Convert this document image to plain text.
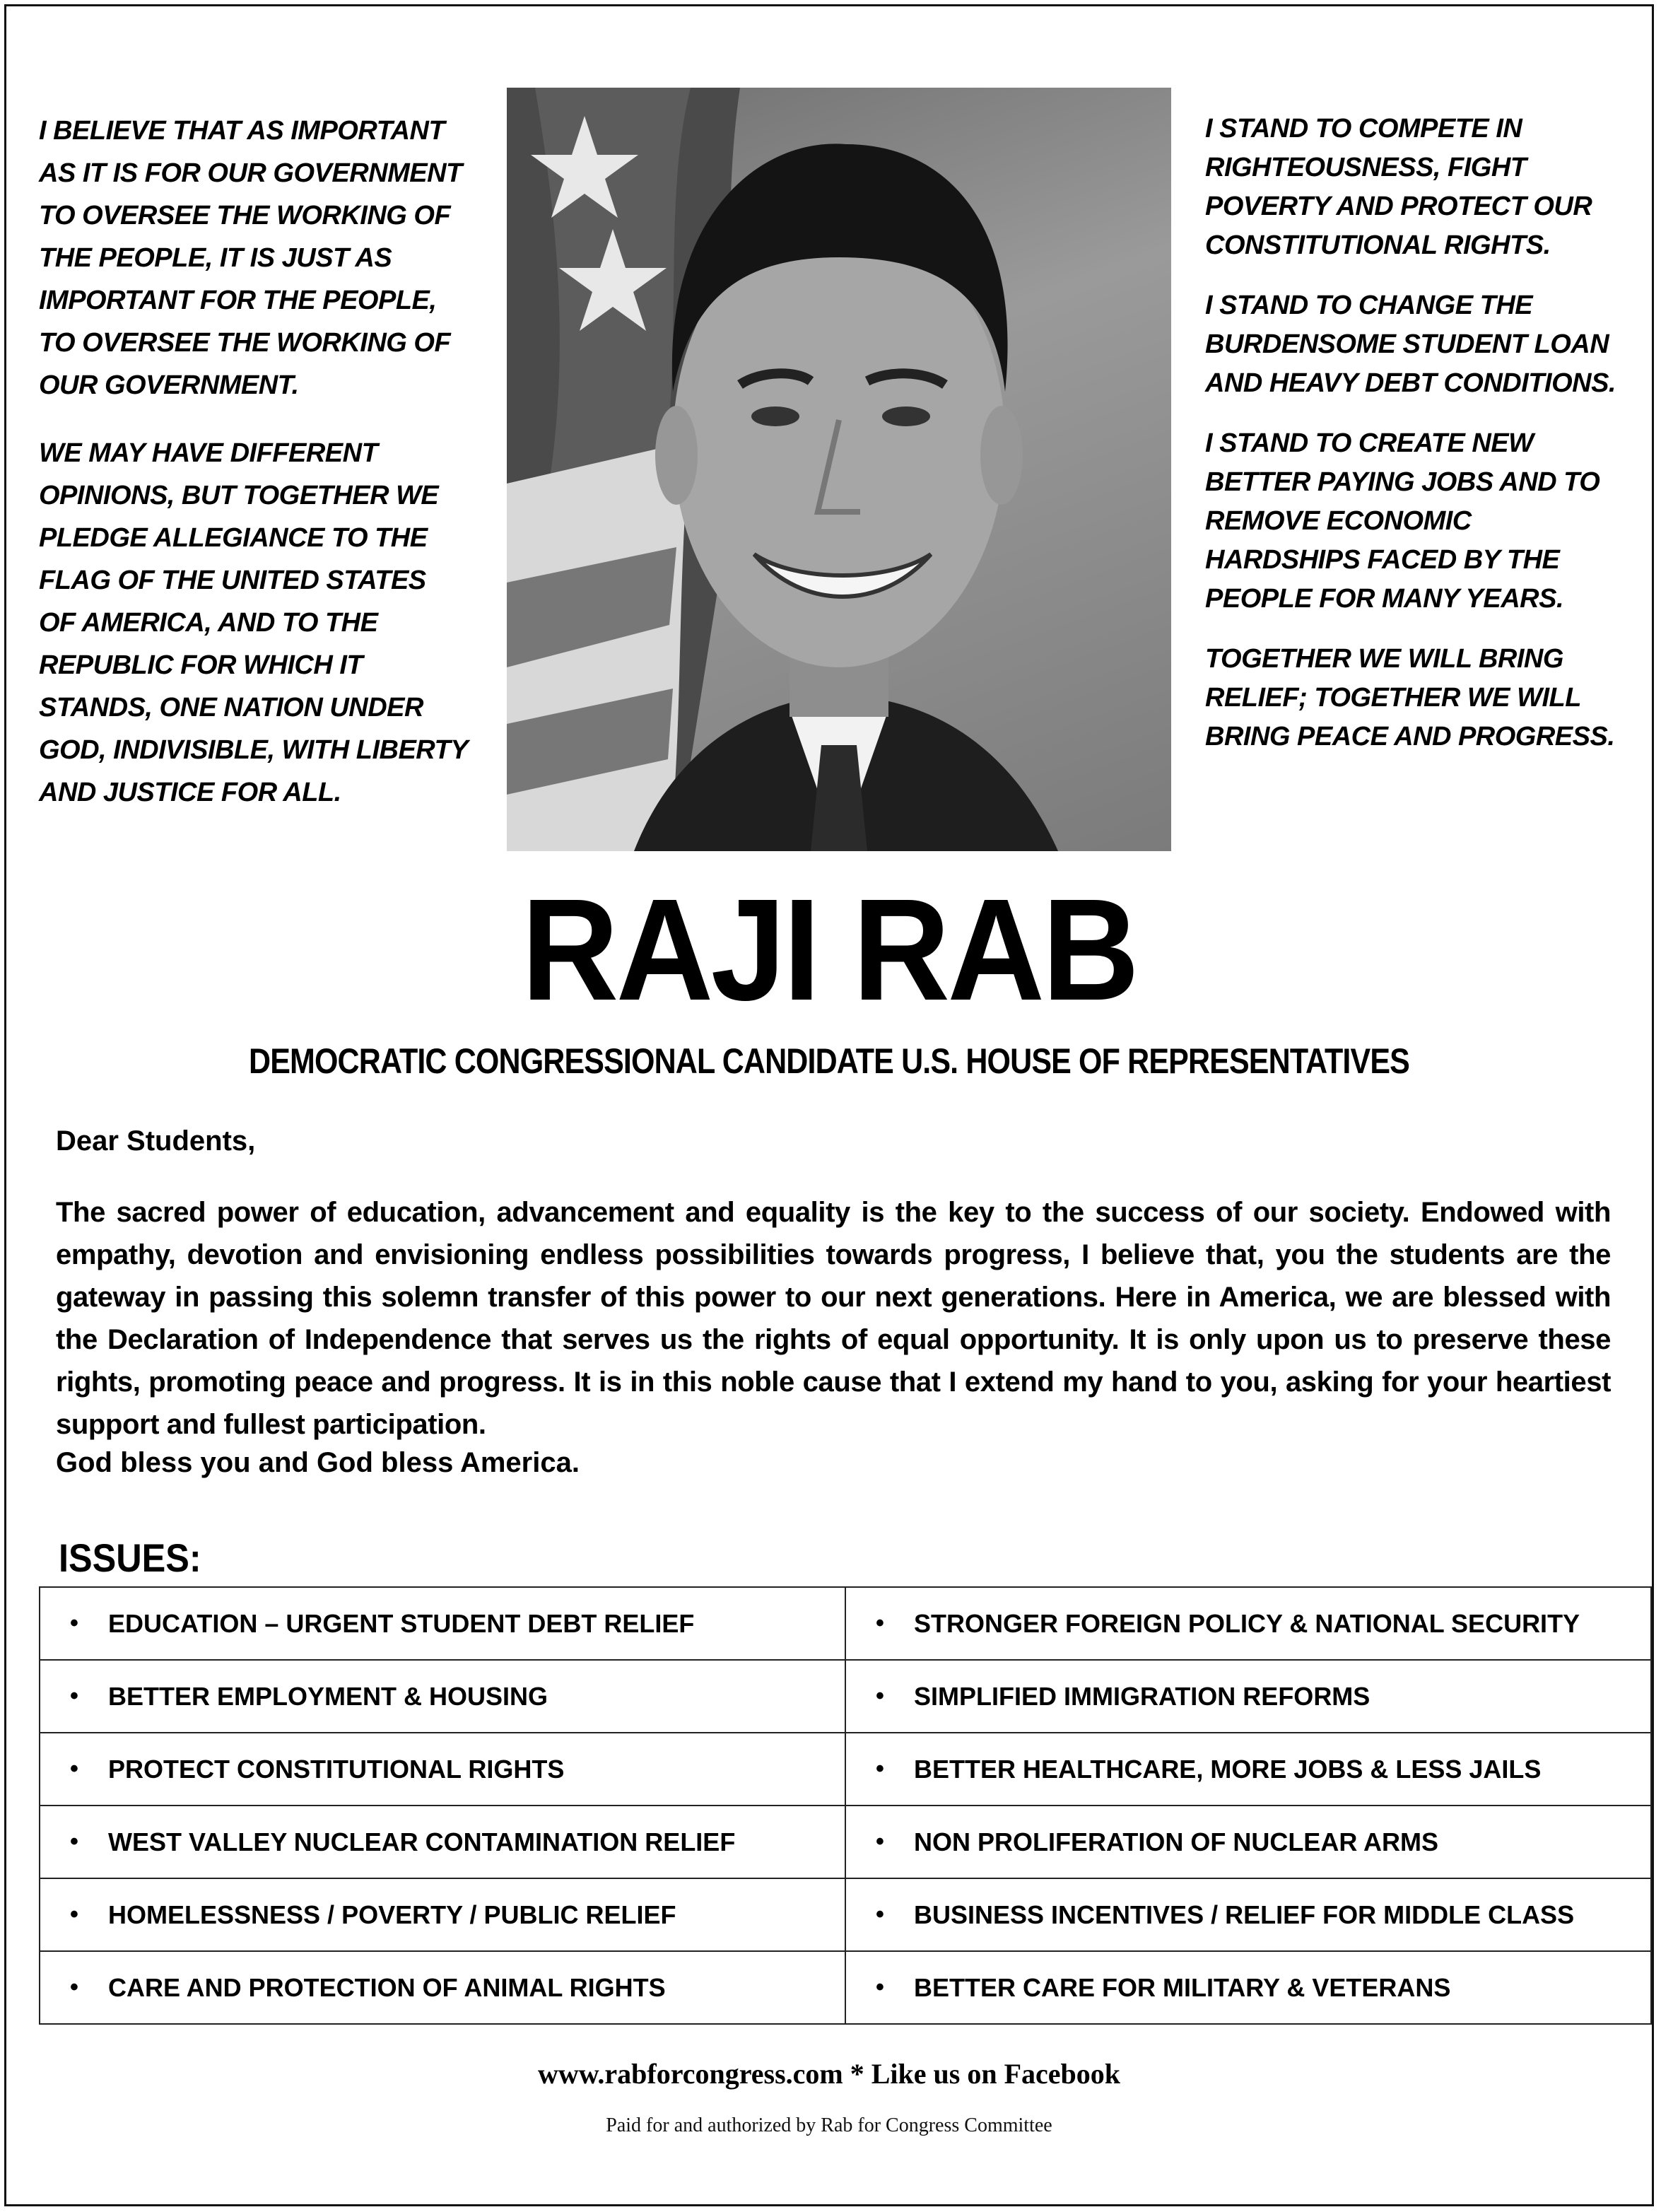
I BELIEVE THAT AS IMPORTANT
AS IT IS FOR OUR GOVERNMENT
TO OVERSEE THE WORKING OF
THE PEOPLE, IT IS JUST AS
IMPORTANT FOR THE PEOPLE,
TO OVERSEE THE WORKING OF
OUR GOVERNMENT.

WE MAY HAVE DIFFERENT
OPINIONS, BUT TOGETHER WE
PLEDGE ALLEGIANCE TO THE
FLAG OF THE UNITED STATES
OF AMERICA, AND TO THE
REPUBLIC FOR WHICH IT
STANDS, ONE NATION UNDER
GOD, INDIVISIBLE, WITH LIBERTY
AND JUSTICE FOR ALL.

I STAND TO COMPETE IN
RIGHTEOUSNESS, FIGHT
POVERTY AND PROTECT OUR
CONSTITUTIONAL RIGHTS.

I STAND TO CHANGE THE
BURDENSOME STUDENT LOAN
AND HEAVY DEBT CONDITIONS.

I STAND TO CREATE NEW
BETTER PAYING JOBS AND TO
REMOVE ECONOMIC
HARDSHIPS FACED BY THE
PEOPLE FOR MANY YEARS.

TOGETHER WE WILL BRING
RELIEF; TOGETHER WE WILL
BRING PEACE AND PROGRESS.

RAJI RAB
DEMOCRATIC CONGRESSIONAL CANDIDATE U.S. HOUSE OF REPRESENTATIVES
Dear Students,
The sacred power of education, advancement and equality is the key to the success of our society. Endowed with empathy, devotion and envisioning endless possibilities towards progress, I believe that, you the students are the gateway in passing this solemn transfer of this power to our next generations. Here in America, we are blessed with the Declaration of Independence that serves us the rights of equal opportunity. It is only upon us to preserve these rights, promoting peace and progress. It is in this noble cause that I extend my hand to you, asking for your heartiest support and fullest participation.
God bless you and God bless America.
ISSUES:
• EDUCATION – URGENT STUDENT DEBT RELIEF	• STRONGER FOREIGN POLICY & NATIONAL SECURITY

• BETTER EMPLOYMENT & HOUSING	• SIMPLIFIED IMMIGRATION REFORMS

• PROTECT CONSTITUTIONAL RIGHTS	• BETTER HEALTHCARE, MORE JOBS & LESS JAILS

• WEST VALLEY NUCLEAR CONTAMINATION RELIEF	• NON PROLIFERATION OF NUCLEAR ARMS

• HOMELESSNESS / POVERTY / PUBLIC RELIEF	• BUSINESS INCENTIVES / RELIEF FOR MIDDLE CLASS

• CARE AND PROTECTION OF ANIMAL RIGHTS	• BETTER CARE FOR MILITARY & VETERANS
www.rabforcongress.com * Like us on Facebook
Paid for and authorized by Rab for Congress Committee
